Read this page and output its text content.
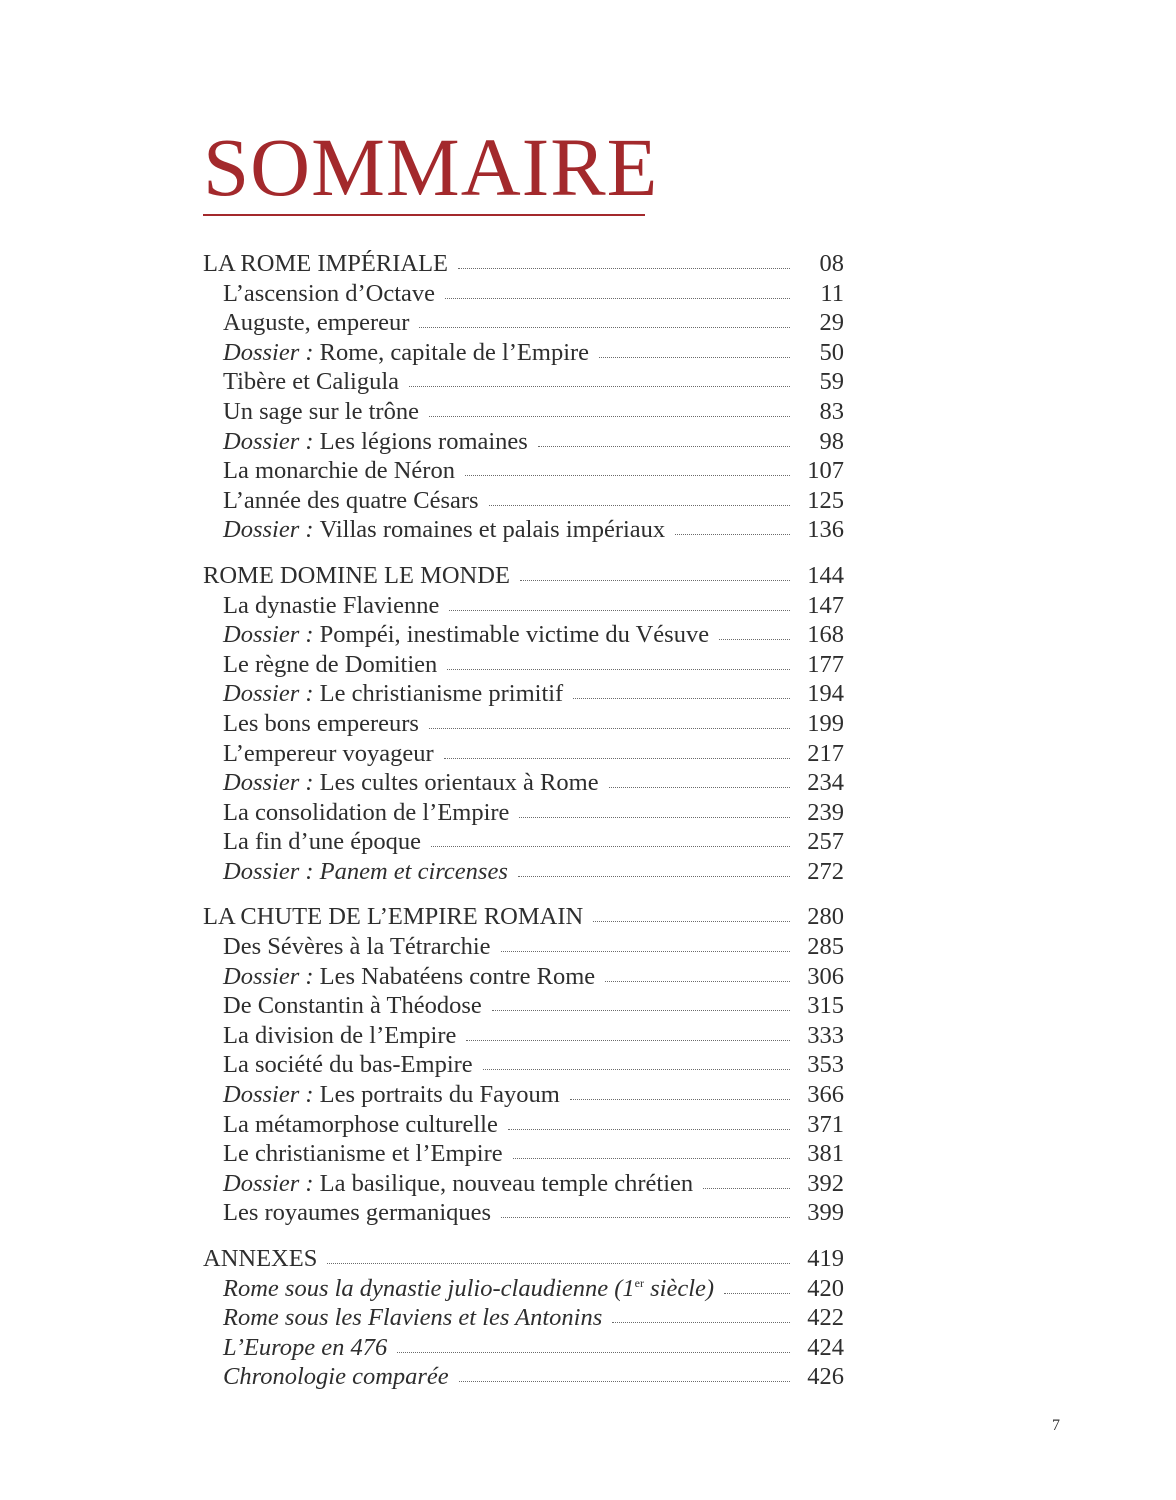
SOMMAIRE
LA ROME IMPÉRIALE	08
L’ascension d’Octave	11
Auguste, empereur	29
Dossier : Rome, capitale de l’Empire	50
Tibère et Caligula	59
Un sage sur le trône	83
Dossier : Les légions romaines	98
La monarchie de Néron	107
L’année des quatre Césars	125
Dossier : Villas romaines et palais impériaux	136
ROME DOMINE LE MONDE	144
La dynastie Flavienne	147
Dossier : Pompéi, inestimable victime du Vésuve	168
Le règne de Domitien	177
Dossier : Le christianisme primitif	194
Les bons empereurs	199
L’empereur voyageur	217
Dossier : Les cultes orientaux à Rome	234
La consolidation de l’Empire	239
La fin d’une époque	257
Dossier : Panem et circenses	272
LA CHUTE DE L’EMPIRE ROMAIN	280
Des Sévères à la Tétrarchie	285
Dossier : Les Nabatéens contre Rome	306
De Constantin à Théodose	315
La division de l’Empire	333
La société du bas-Empire	353
Dossier : Les portraits du Fayoum	366
La métamorphose culturelle	371
Le christianisme et l’Empire	381
Dossier : La basilique, nouveau temple chrétien	392
Les royaumes germaniques	399
ANNEXES	419
Rome sous la dynastie julio-claudienne (1er siècle)	420
Rome sous les Flaviens et les Antonins	422
L’Europe en 476	424
Chronologie comparée	426
7
